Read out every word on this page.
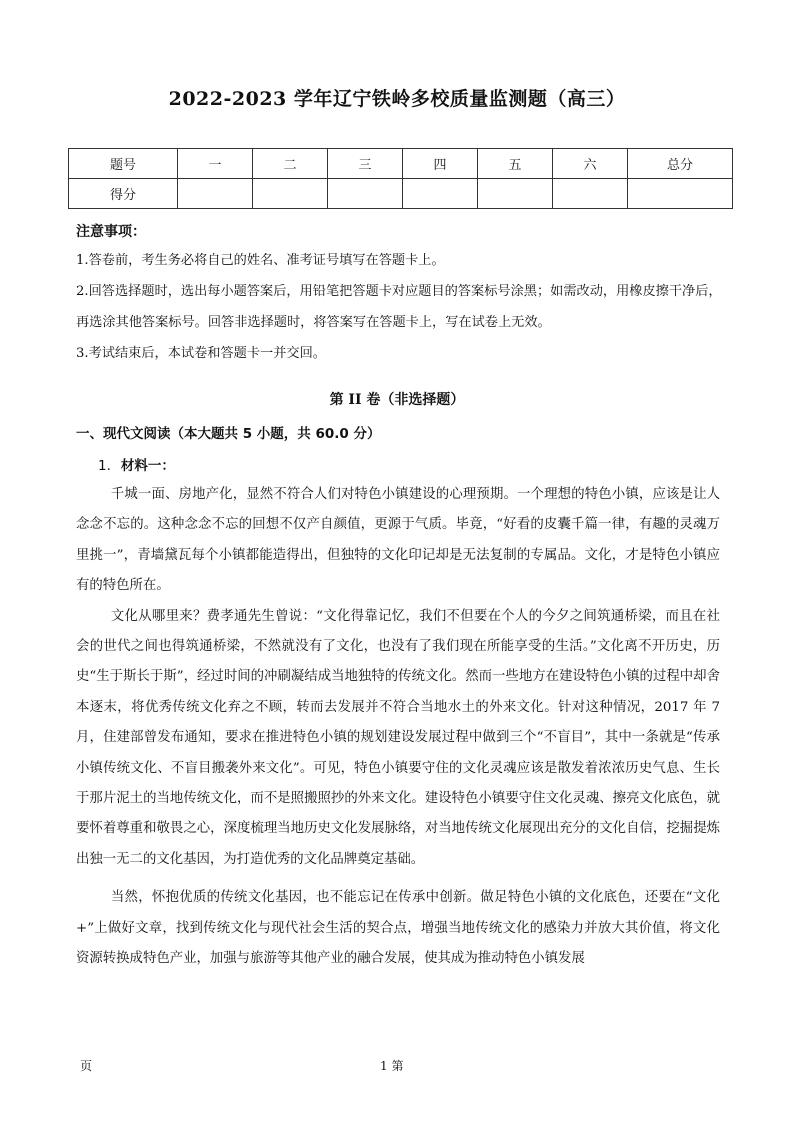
2022-2023 学年辽宁铁岭多校质量监测题（高三）
题号	一	二	三	四	五	六	总分
得分							
注意事项：
1.答卷前，考生务必将自己的姓名、准考证号填写在答题卡上。
2.回答选择题时，选出每小题答案后，用铅笔把答题卡对应题目的答案标号涂黑；如需改动，用橡皮擦干净后，再选涂其他答案标号。回答非选择题时，将答案写在答题卡上，写在试卷上无效。
3.考试结束后，本试卷和答题卡一并交回。
第 II 卷（非选择题）
一、现代文阅读（本大题共 5 小题，共 60.0 分）
1. 材料一：

千城一面、房地产化，显然不符合人们对特色小镇建设的心理预期。一个理想的特色小镇，应该是让人念念不忘的。这种念念不忘的回想不仅产自颜值，更源于气质。毕竟，“好看的皮囊千篇一律，有趣的灵魂万里挑一”，青墙黛瓦每个小镇都能造得出，但独特的文化印记却是无法复制的专属品。文化，才是特色小镇应有的特色所在。

文化从哪里来？费孝通先生曾说：“文化得靠记忆，我们不但要在个人的今夕之间筑通桥梁，而且在社会的世代之间也得筑通桥梁，不然就没有了文化，也没有了我们现在所能享受的生活。”文化离不开历史，历史“生于斯长于斯”，经过时间的冲刷凝结成当地独特的传统文化。然而一些地方在建设特色小镇的过程中却舍本逐末，将优秀传统文化弃之不顾，转而去发展并不符合当地水土的外来文化。针对这种情况，2017 年 7 月，住建部曾发布通知，要求在推进特色小镇的规划建设发展过程中做到三个“不盲目”，其中一条就是“传承小镇传统文化、不盲目搬袭外来文化”。可见，特色小镇要守住的文化灵魂应该是散发着浓浓历史气息、生长于那片泥土的当地传统文化，而不是照搬照抄的外来文化。建设特色小镇要守住文化灵魂、擦亮文化底色，就要怀着尊重和敬畏之心，深度梳理当地历史文化发展脉络，对当地传统文化展现出充分的文化自信，挖掘提炼出独一无二的文化基因，为打造优秀的文化品牌奠定基础。

当然，怀抱优质的传统文化基因，也不能忘记在传承中创新。做足特色小镇的文化底色，还要在“文化+”上做好文章，找到传统文化与现代社会生活的契合点，增强当地传统文化的感染力并放大其价值，将文化资源转换成特色产业，加强与旅游等其他产业的融合发展，使其成为推动特色小镇发展

页	1 第
